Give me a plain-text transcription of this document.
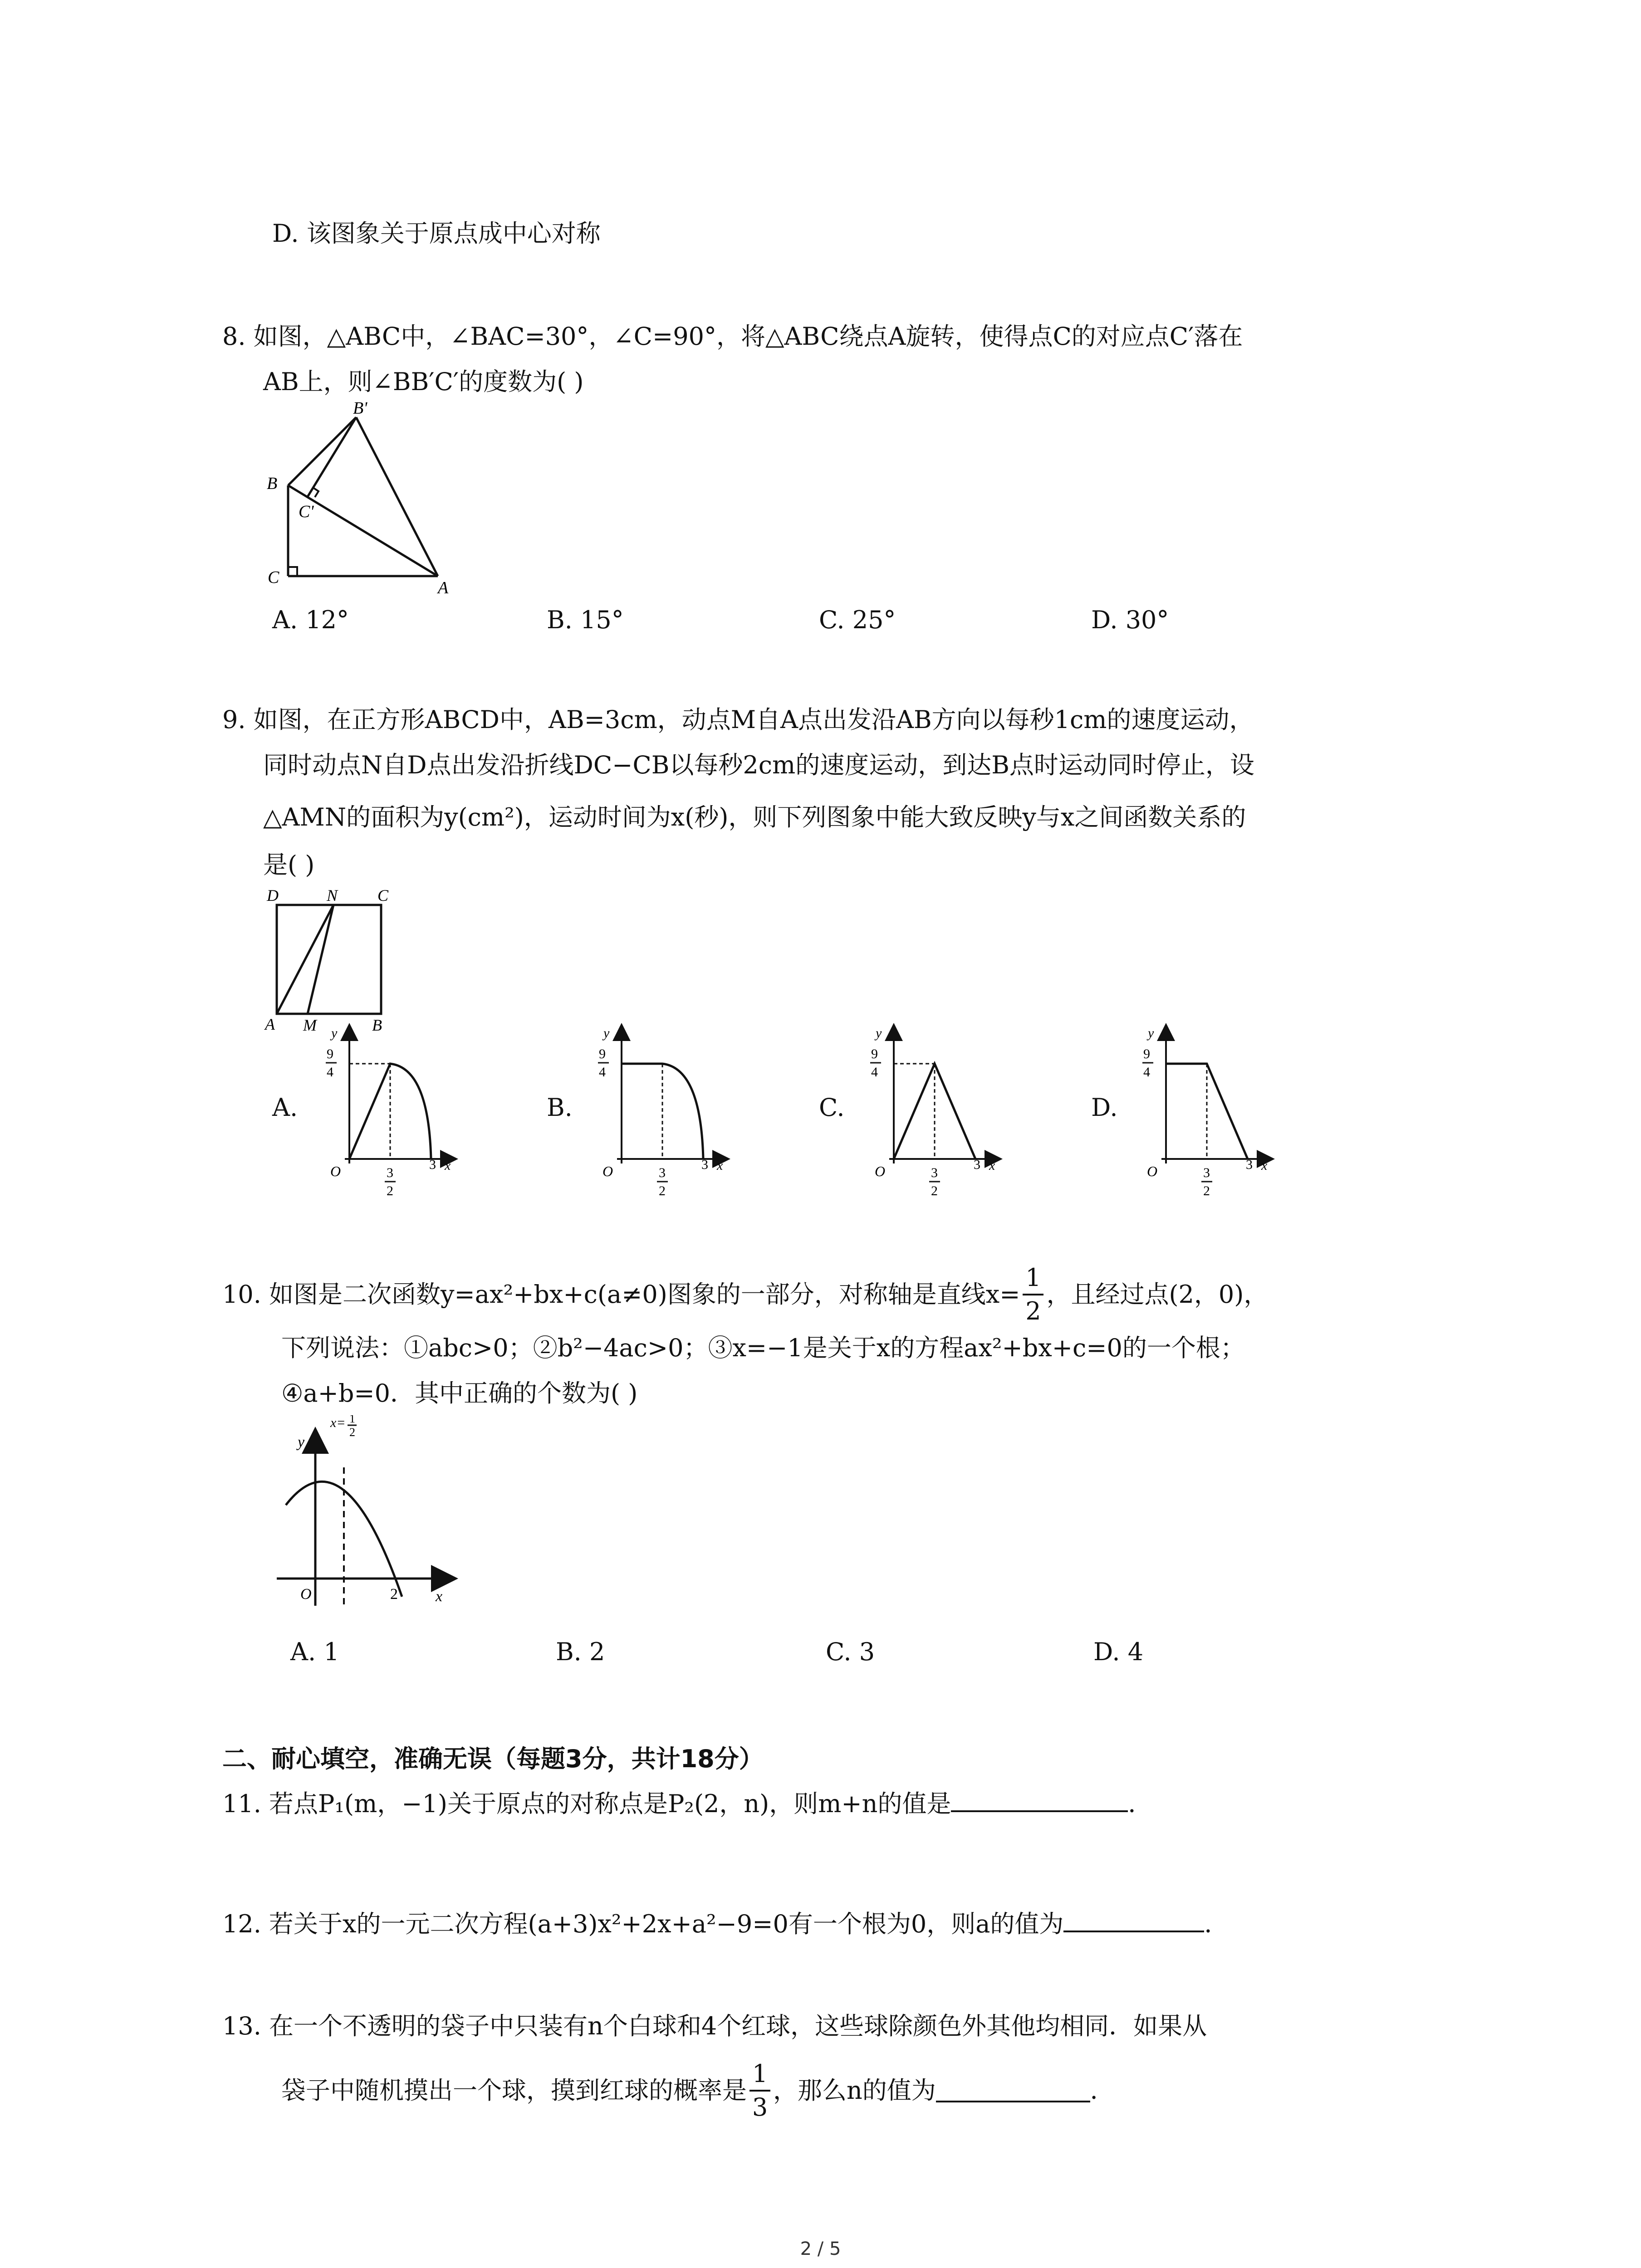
D. 该图象关于原点成中心对称
8. 如图，△ABC中，∠BAC=30°，∠C=90°，将△ABC绕点A旋转，使得点C的对应点C′落在
AB上，则∠BB′C′的度数为( )
B'
B
C'
C
A
A. 12°	B. 15°	C. 25°	D. 30°
9. 如图，在正方形ABCD中，AB=3cm，动点M自A点出发沿AB方向以每秒1cm的速度运动，
同时动点N自D点出发沿折线DC−CB以每秒2cm的速度运动，到达B点时运动同时停止，设
△AMN的面积为y(cm²)，运动时间为x(秒)，则下列图象中能大致反映y与x之间函数关系的
是( )
D	N C
A M	B
A.	B.	C.	D.
y
9
4
O	3
2
3 x
y
9
4
O	3
2
3 x
y
9
4
O	3
2
3 x
y
9
4
O	3
2
3 x
10. 如图是二次函数y=ax²+bx+c(a≠0)图象的一部分，对称轴是直线$x= \frac{1}{2}$ ，且经过点(2，0)，
下列说法：①abc>0；②b²−4ac>0；③x=−1是关于x的方程ax²+bx+c=0的一个根；
④a+b=0．其中正确的个数为( )
x= 1
2
y
O	2 x
A. 1	B. 2	C. 3	D. 4
二、耐心填空，准确无误（每题3分，共计18分）
11. 若点P₁(m，−1)关于原点的对称点是P₂(2，n)，则m+n的值是	．
12. 若关于x的一元二次方程(a+3)x²+2x+a²−9=0有一个根为0，则a的值为	．
13. 在一个不透明的袋子中只装有n个白球和4个红球，这些球除颜色外其他均相同．如果从
袋子中随机摸出一个球，摸到红球的概率是 $\frac{1}{3}$ ，那么n的值为	．
2 / 5
